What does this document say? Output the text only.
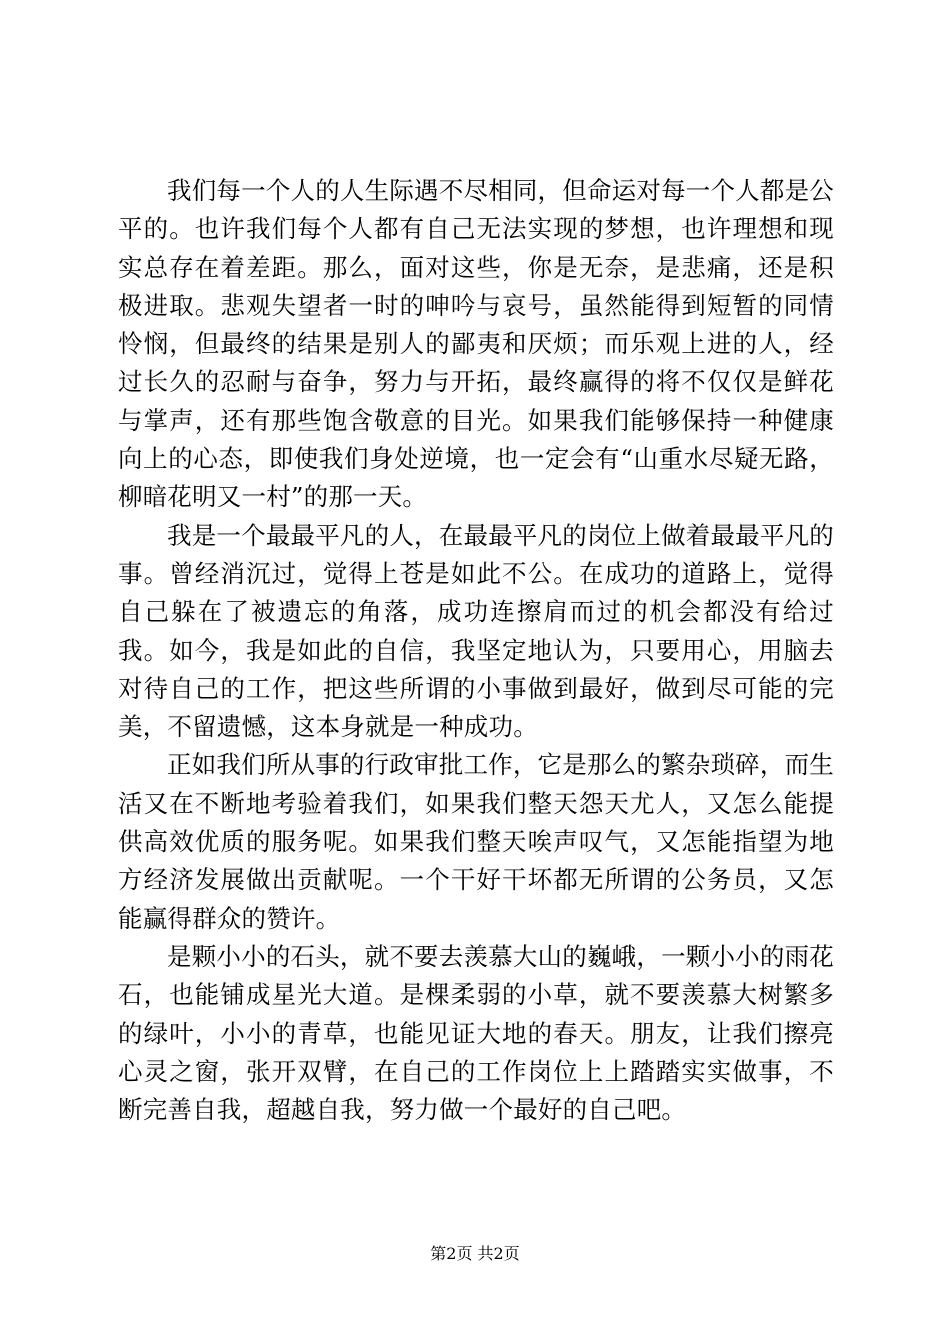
我们每一个人的人生际遇不尽相同，但命运对每一个人都是公平的。也许我们每个人都有自己无法实现的梦想，也许理想和现实总存在着差距。那么，面对这些，你是无奈，是悲痛，还是积极进取。悲观失望者一时的呻吟与哀号，虽然能得到短暂的同情怜悯，但最终的结果是别人的鄙夷和厌烦；而乐观上进的人，经过长久的忍耐与奋争，努力与开拓，最终赢得的将不仅仅是鲜花与掌声，还有那些饱含敬意的目光。如果我们能够保持一种健康向上的心态，即使我们身处逆境，也一定会有“山重水尽疑无路，柳暗花明又一村”的那一天。

我是一个最最平凡的人，在最最平凡的岗位上做着最最平凡的事。曾经消沉过，觉得上苍是如此不公。在成功的道路上，觉得自己躲在了被遗忘的角落，成功连擦肩而过的机会都没有给过我。如今，我是如此的自信，我坚定地认为，只要用心，用脑去对待自己的工作，把这些所谓的小事做到最好，做到尽可能的完美，不留遗憾，这本身就是一种成功。

正如我们所从事的行政审批工作，它是那么的繁杂琐碎，而生活又在不断地考验着我们，如果我们整天怨天尤人，又怎么能提供高效优质的服务呢。如果我们整天唉声叹气，又怎能指望为地方经济发展做出贡献呢。一个干好干坏都无所谓的公务员，又怎能赢得群众的赞许。

是颗小小的石头，就不要去羡慕大山的巍峨，一颗小小的雨花石，也能铺成星光大道。是棵柔弱的小草，就不要羡慕大树繁多的绿叶，小小的青草，也能见证大地的春天。朋友，让我们擦亮心灵之窗，张开双臂，在自己的工作岗位上上踏踏实实做事，不断完善自我，超越自我，努力做一个最好的自己吧。

第2页 共2页
